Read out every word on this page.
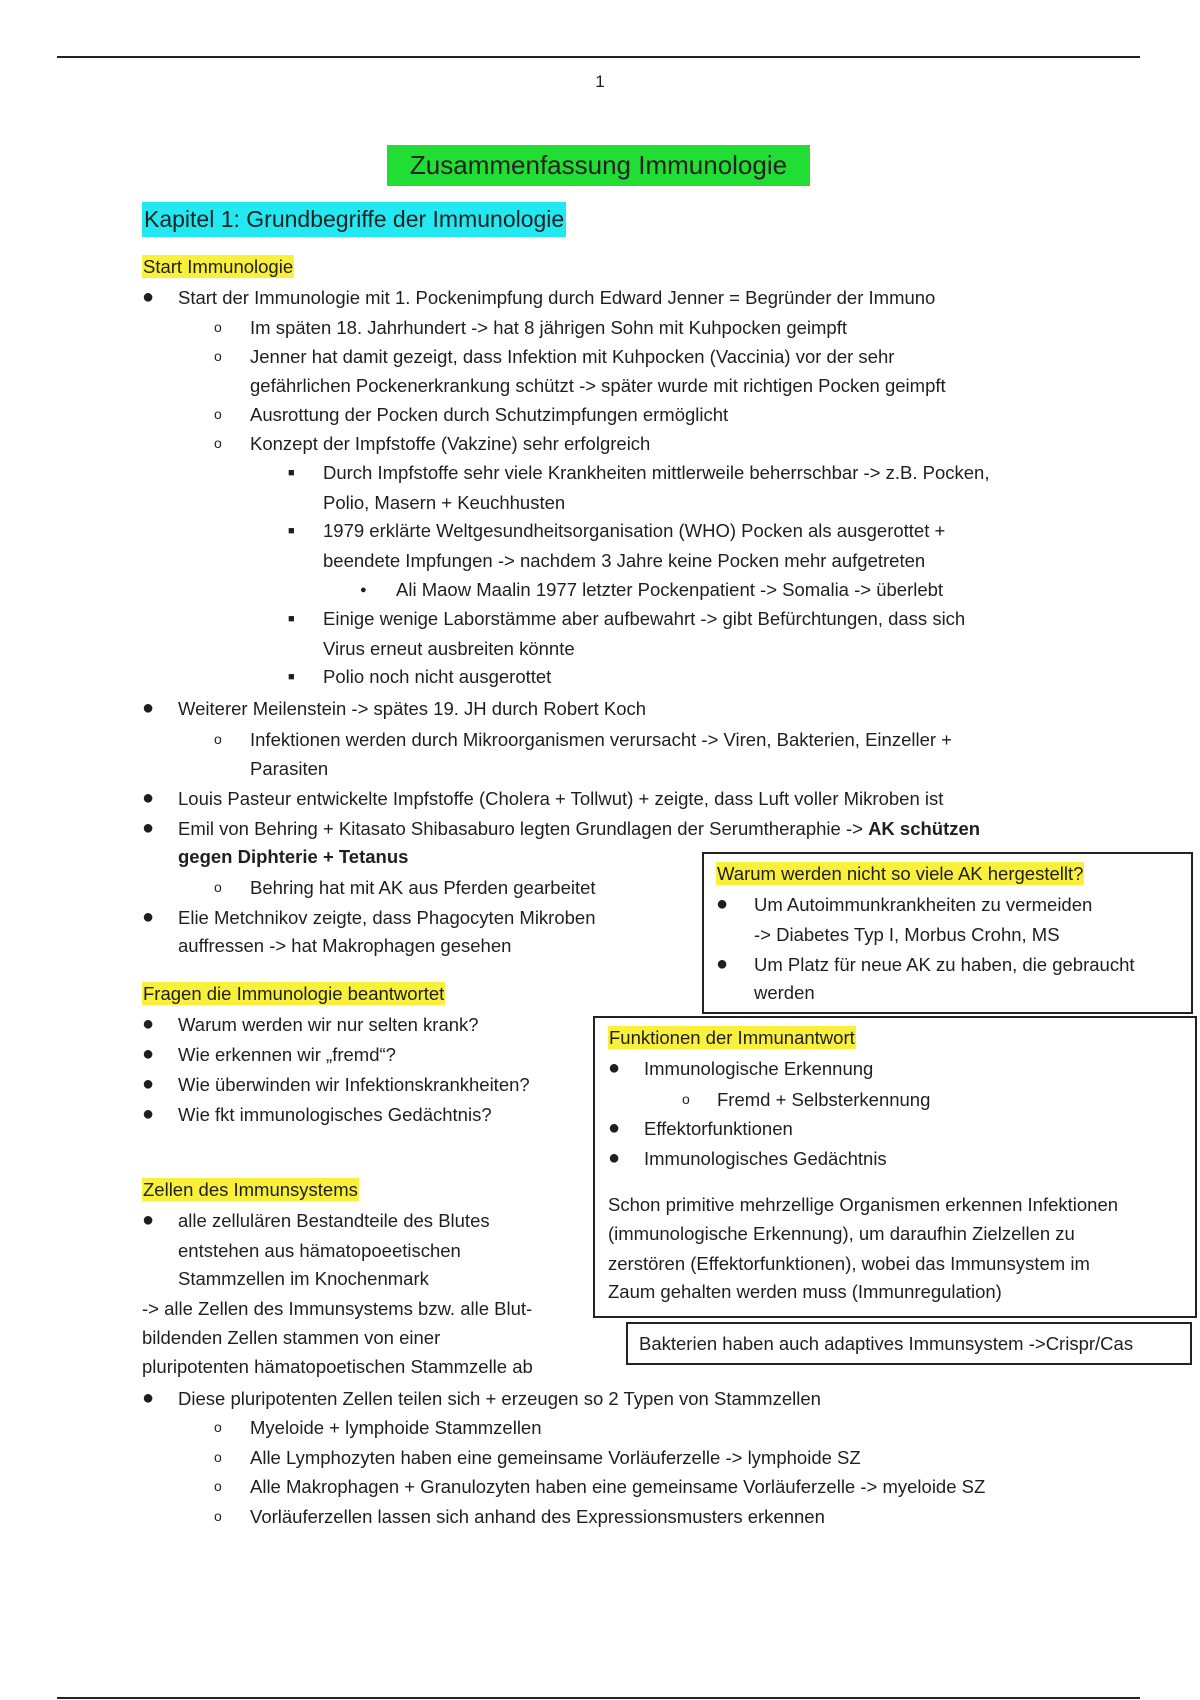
1
Zusammenfassung Immunologie
Kapitel 1: Grundbegriffe der Immunologie
Start Immunologie
● Start der Immunologie mit 1. Pockenimpfung durch Edward Jenner = Begründer der Immuno
o Im späten 18. Jahrhundert -> hat 8 jährigen Sohn mit Kuhpocken geimpft
o Jenner hat damit gezeigt, dass Infektion mit Kuhpocken (Vaccinia) vor der sehr
gefährlichen Pockenerkrankung schützt -> später wurde mit richtigen Pocken geimpft
o Ausrottung der Pocken durch Schutzimpfungen ermöglicht
o Konzept der Impfstoffe (Vakzine) sehr erfolgreich
■ Durch Impfstoffe sehr viele Krankheiten mittlerweile beherrschbar -> z.B. Pocken,
Polio, Masern + Keuchhusten
■ 1979 erklärte Weltgesundheitsorganisation (WHO) Pocken als ausgerottet +
beendete Impfungen -> nachdem 3 Jahre keine Pocken mehr aufgetreten
● Ali Maow Maalin 1977 letzter Pockenpatient -> Somalia -> überlebt
■ Einige wenige Laborstämme aber aufbewahrt -> gibt Befürchtungen, dass sich
Virus erneut ausbreiten könnte
■ Polio noch nicht ausgerottet
● Weiterer Meilenstein -> spätes 19. JH durch Robert Koch
o Infektionen werden durch Mikroorganismen verursacht -> Viren, Bakterien, Einzeller +
Parasiten
● Louis Pasteur entwickelte Impfstoffe (Cholera + Tollwut) + zeigte, dass Luft voller Mikroben ist
● Emil von Behring + Kitasato Shibasaburo legten Grundlagen der Serumtheraphie -> AK schützen
gegen Diphterie + Tetanus
o Behring hat mit AK aus Pferden gearbeitet
● Elie Metchnikov zeigte, dass Phagocyten Mikroben
auffressen -> hat Makrophagen gesehen
Fragen die Immunologie beantwortet
● Warum werden wir nur selten krank?
● Wie erkennen wir „fremd“?
● Wie überwinden wir Infektionskrankheiten?
● Wie fkt immunologisches Gedächtnis?
Zellen des Immunsystems
● alle zellulären Bestandteile des Blutes
entstehen aus hämatopoeetischen
Stammzellen im Knochenmark
-> alle Zellen des Immunsystems bzw. alle Blut-
bildenden Zellen stammen von einer
pluripotenten hämatopoetischen Stammzelle ab
● Diese pluripotenten Zellen teilen sich + erzeugen so 2 Typen von Stammzellen
o Myeloide + lymphoide Stammzellen
o Alle Lymphozyten haben eine gemeinsame Vorläuferzelle -> lymphoide SZ
o Alle Makrophagen + Granulozyten haben eine gemeinsame Vorläuferzelle -> myeloide SZ
o Vorläuferzellen lassen sich anhand des Expressionsmusters erkennen
Warum werden nicht so viele AK hergestellt?
● Um Autoimmunkrankheiten zu vermeiden
-> Diabetes Typ I, Morbus Crohn, MS
● Um Platz für neue AK zu haben, die gebraucht
werden
Funktionen der Immunantwort
● Immunologische Erkennung
o Fremd + Selbsterkennung
● Effektorfunktionen
● Immunologisches Gedächtnis
Schon primitive mehrzellige Organismen erkennen Infektionen
(immunologische Erkennung), um daraufhin Zielzellen zu
zerstören (Effektorfunktionen), wobei das Immunsystem im
Zaum gehalten werden muss (Immunregulation)
Bakterien haben auch adaptives Immunsystem ->Crispr/Cas
